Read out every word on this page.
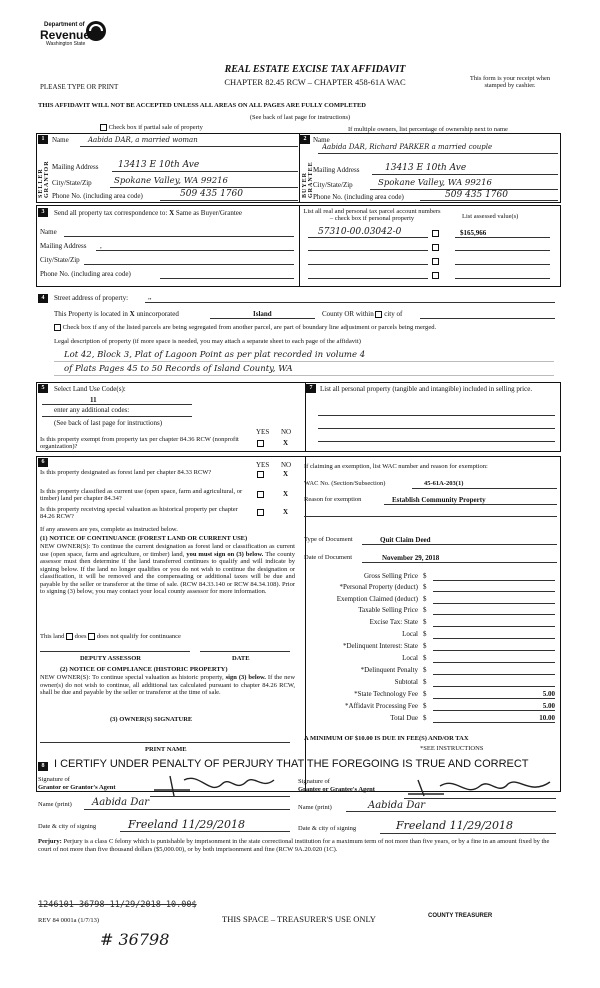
Department of
Revenue
Washington State
REAL ESTATE EXCISE TAX AFFIDAVIT
CHAPTER 82.45 RCW – CHAPTER 458-61A WAC
PLEASE TYPE OR PRINT
This form is your receipt when stamped by cashier.
THIS AFFIDAVIT WILL NOT BE ACCEPTED UNLESS ALL AREAS ON ALL PAGES ARE FULLY COMPLETED
(See back of last page for instructions)
Check box if partial sale of property	If multiple owners, list percentage of ownership next to name
1	2
SELLER GRANTOR	BUYER GRANTEE
Name	Aabida DAR, a married woman
Mailing Address 13413 E 10th Ave
City/State/Zip	Spokane Valley, WA 99216
Phone No. (including area code)	509 435 1760
Name
Aabida DAR, Richard PARKER a married couple
Mailing Address	13413 E 10th Ave
City/State/Zip	Spokane Valley, WA 99216
Phone No. (including area code)	509 435 1760
3	Send all property tax correspondence to: X Same as Buyer/Grantee
Name
Mailing Address ,
City/State/Zip
Phone No. (including area code)
List all real and personal tax parcel account numbers – check box if personal property	List assessed value(s)
57310-00.03042-0	$165,966
4	Street address of property:	,,
This Property is located in X unincorporated	Island	County OR within city of
Check box if any of the listed parcels are being segregated from another parcel, are part of boundary line adjustment or parcels being merged.
Legal description of property (if more space is needed, you may attach a separate sheet to each page of the affidavit)
Lot 42, Block 3, Plat of Lagoon Point as per plat recorded in volume 4
of Plats Pages 45 to 50 Records of Island County, WA
5	Select Land Use Code(s):
11
enter any additional codes:
(See back of last page for instructions)
YES NO
Is this property exempt from property tax per chapter 84.36 RCW (nonprofit organization)?	X
7	List all personal property (tangible and intangible) included in selling price.
6	YES NO
Is this property designated as forest land per chapter 84.33 RCW?	X
Is this property classified as current use (open space, farm and agricultural, or timber) land per chapter 84.34?
X
Is this property receiving special valuation as historical property per chapter 84.26 RCW?
X
If any answers are yes, complete as instructed below.
(1) NOTICE OF CONTINUANCE (FOREST LAND OR CURRENT USE)
NEW OWNER(S): To continue the current designation as forest land or classification as current use (open space, farm and agriculture, or timber) land, you must sign on (3) below. The county assessor must then determine if the land transferred continues to qualify and will indicate by signing below. If the land no longer qualifies or you do not wish to continue the designation or classification, it will be removed and the compensating or additional taxes will be due and payable by the seller or transferor at the time of sale. (RCW 84.33.140 or RCW 84.34.108). Prior to signing (3) below, you may contact your local county assessor for more information.
This land does does not qualify for continuance
DEPUTY ASSESSOR	DATE
(2) NOTICE OF COMPLIANCE (HISTORIC PROPERTY)
NEW OWNER(S): To continue special valuation as historic property, sign (3) below. If the new owner(s) do not wish to continue, all additional tax calculated pursuant to chapter 84.26 RCW, shall be due and payable by the seller or transferor at the time of sale.
(3) OWNER(S) SIGNATURE
PRINT NAME
If claiming an exemption, list WAC number and reason for exemption:
WAC No. (Section/Subsection)	45-61A-203(1)
Reason for exemption	Establish Community Property
Type of Document	Quit Claim Deed
Date of Document	November 29, 2018
Gross Selling Price $
*Personal Property (deduct) $
Exemption Claimed (deduct) $
Taxable Selling Price $
Excise Tax: State $
Local $
*Delinquent Interest: State $
Local $
*Delinquent Penalty $
Subtotal $
*State Technology Fee $	5.00
*Affidavit Processing Fee $	5.00
Total Due $	10.00
A MINIMUM OF $10.00 IS DUE IN FEE(S) AND/OR TAX
*SEE INSTRUCTIONS
8 I CERTIFY UNDER PENALTY OF PERJURY THAT THE FOREGOING IS TRUE AND CORRECT
Signature of
Grantor or Grantor's Agent
Name (print) Aabida Dar
Date & city of signing	Freeland 11/29/2018
Signature of
Grantee or Grantee's Agent
Name (print)	Aabida Dar
Date & city of signing	Freeland 11/29/2018
Perjury: Perjury is a class C felony which is punishable by imprisonment in the state correctional institution for a maximum term of not more than five years, or by a fine in an amount fixed by the court of not more than five thousand dollars ($5,000.00), or by both imprisonment and fine (RCW 9A.20.020 (1C).
1246101 36798 11/29/2018 10.00$
REV 84 0001a (1/7/13)	THIS SPACE – TREASURER'S USE ONLY	COUNTY TREASURER
# 36798
